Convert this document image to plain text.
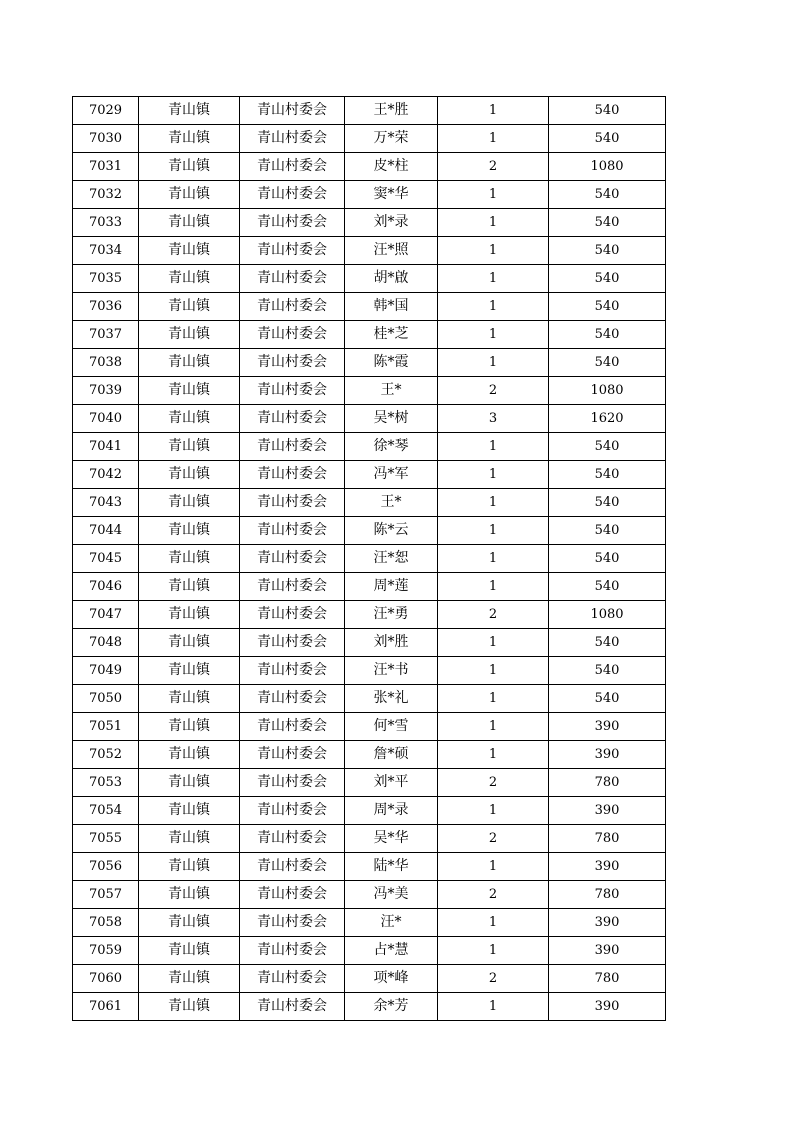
7029	青山镇	青山村委会	王*胜	1	540
7030	青山镇	青山村委会	万*荣	1	540
7031	青山镇	青山村委会	皮*柱	2	1080
7032	青山镇	青山村委会	窦*华	1	540
7033	青山镇	青山村委会	刘*录	1	540
7034	青山镇	青山村委会	汪*照	1	540
7035	青山镇	青山村委会	胡*啟	1	540
7036	青山镇	青山村委会	韩*国	1	540
7037	青山镇	青山村委会	桂*芝	1	540
7038	青山镇	青山村委会	陈*霞	1	540
7039	青山镇	青山村委会	王*	2	1080
7040	青山镇	青山村委会	吴*树	3	1620
7041	青山镇	青山村委会	徐*琴	1	540
7042	青山镇	青山村委会	冯*军	1	540
7043	青山镇	青山村委会	王*	1	540
7044	青山镇	青山村委会	陈*云	1	540
7045	青山镇	青山村委会	汪*恕	1	540
7046	青山镇	青山村委会	周*莲	1	540
7047	青山镇	青山村委会	汪*勇	2	1080
7048	青山镇	青山村委会	刘*胜	1	540
7049	青山镇	青山村委会	汪*书	1	540
7050	青山镇	青山村委会	张*礼	1	540
7051	青山镇	青山村委会	何*雪	1	390
7052	青山镇	青山村委会	詹*硕	1	390
7053	青山镇	青山村委会	刘*平	2	780
7054	青山镇	青山村委会	周*录	1	390
7055	青山镇	青山村委会	吴*华	2	780
7056	青山镇	青山村委会	陆*华	1	390
7057	青山镇	青山村委会	冯*美	2	780
7058	青山镇	青山村委会	汪*	1	390
7059	青山镇	青山村委会	占*慧	1	390
7060	青山镇	青山村委会	项*峰	2	780
7061	青山镇	青山村委会	余*芳	1	390
